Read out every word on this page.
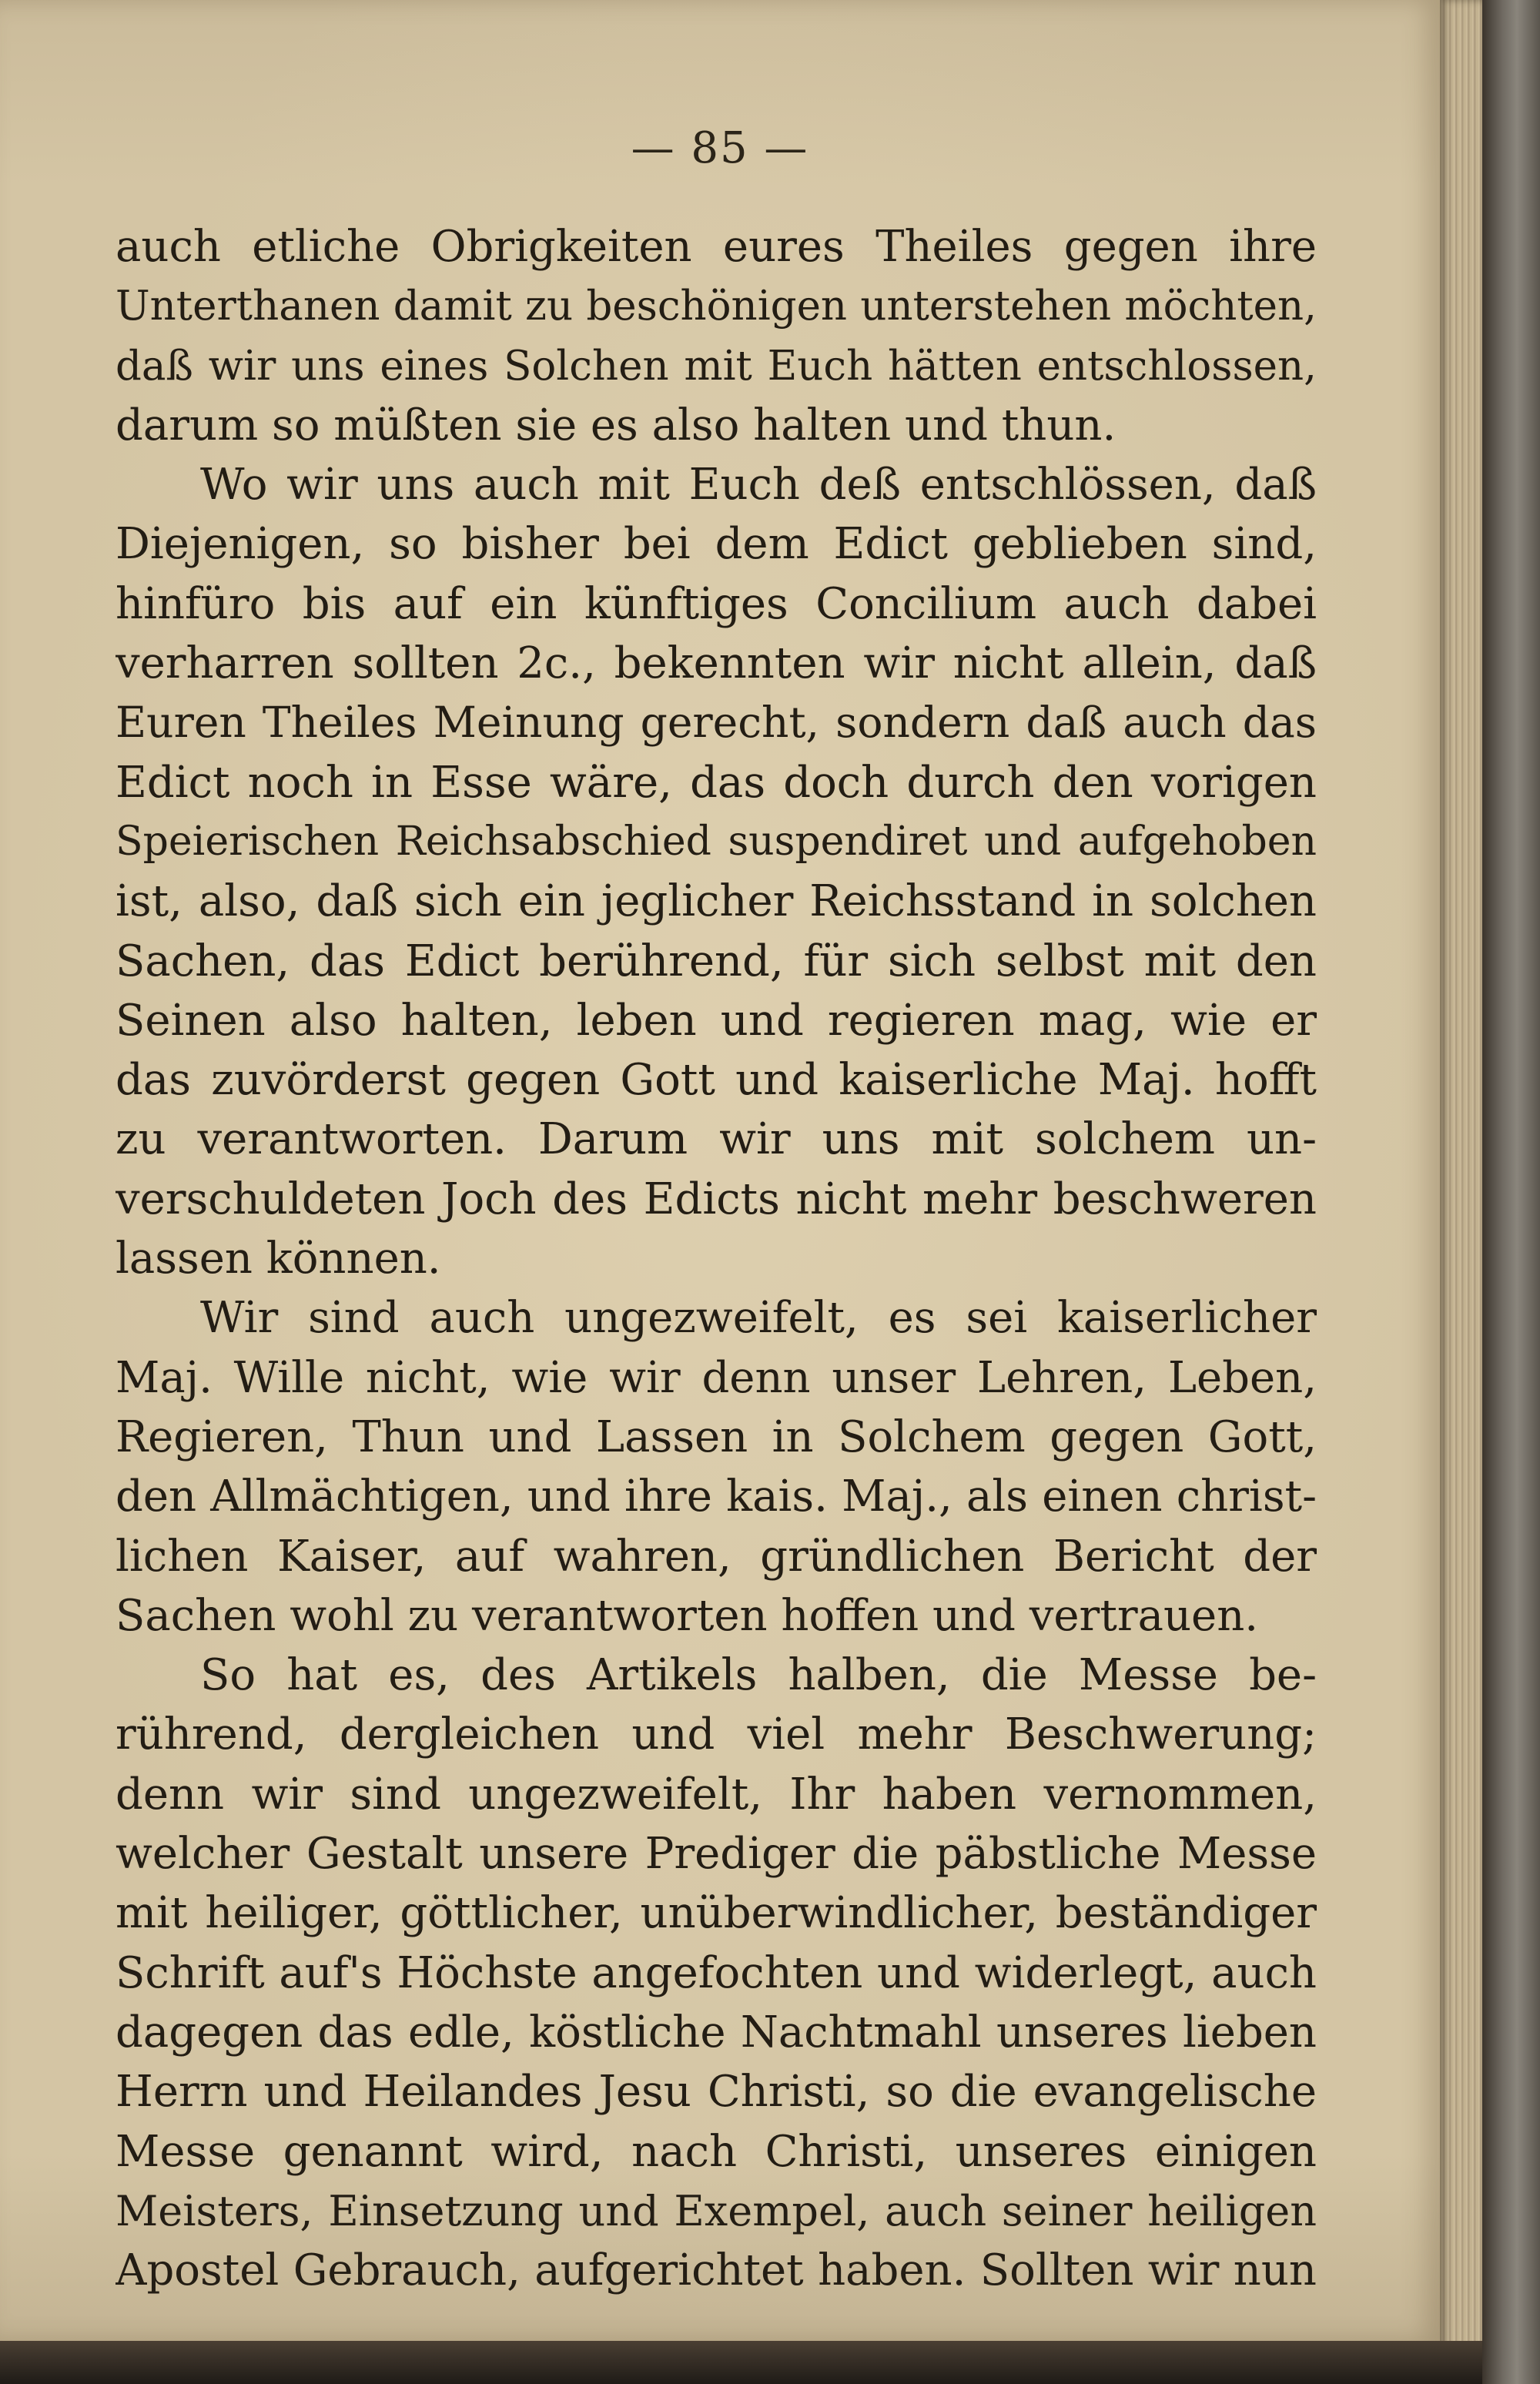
— 85 —
auch etliche Obrigkeiten eures Theiles gegen ihre
Unterthanen damit zu beschönigen unterstehen möchten,
daß wir uns eines Solchen mit Euch hätten entschlossen,
darum so müßten sie es also halten und thun.
Wo wir uns auch mit Euch deß entschlössen, daß
Diejenigen, so bisher bei dem Edict geblieben sind,
hinfüro bis auf ein künftiges Concilium auch dabei
verharren sollten 2c., bekennten wir nicht allein, daß
Euren Theiles Meinung gerecht, sondern daß auch das
Edict noch in Esse wäre, das doch durch den vorigen
Speierischen Reichsabschied suspendiret und aufgehoben
ist, also, daß sich ein jeglicher Reichsstand in solchen
Sachen, das Edict berührend, für sich selbst mit den
Seinen also halten, leben und regieren mag, wie er
das zuvörderst gegen Gott und kaiserliche Maj. hofft
zu verantworten. Darum wir uns mit solchem un-
verschuldeten Joch des Edicts nicht mehr beschweren
lassen können.
Wir sind auch ungezweifelt, es sei kaiserlicher
Maj. Wille nicht, wie wir denn unser Lehren, Leben,
Regieren, Thun und Lassen in Solchem gegen Gott,
den Allmächtigen, und ihre kais. Maj., als einen christ-
lichen Kaiser, auf wahren, gründlichen Bericht der
Sachen wohl zu verantworten hoffen und vertrauen.
So hat es, des Artikels halben, die Messe be-
rührend, dergleichen und viel mehr Beschwerung;
denn wir sind ungezweifelt, Ihr haben vernommen,
welcher Gestalt unsere Prediger die päbstliche Messe
mit heiliger, göttlicher, unüberwindlicher, beständiger
Schrift auf's Höchste angefochten und widerlegt, auch
dagegen das edle, köstliche Nachtmahl unseres lieben
Herrn und Heilandes Jesu Christi, so die evangelische
Messe genannt wird, nach Christi, unseres einigen
Meisters, Einsetzung und Exempel, auch seiner heiligen
Apostel Gebrauch, aufgerichtet haben. Sollten wir nun
